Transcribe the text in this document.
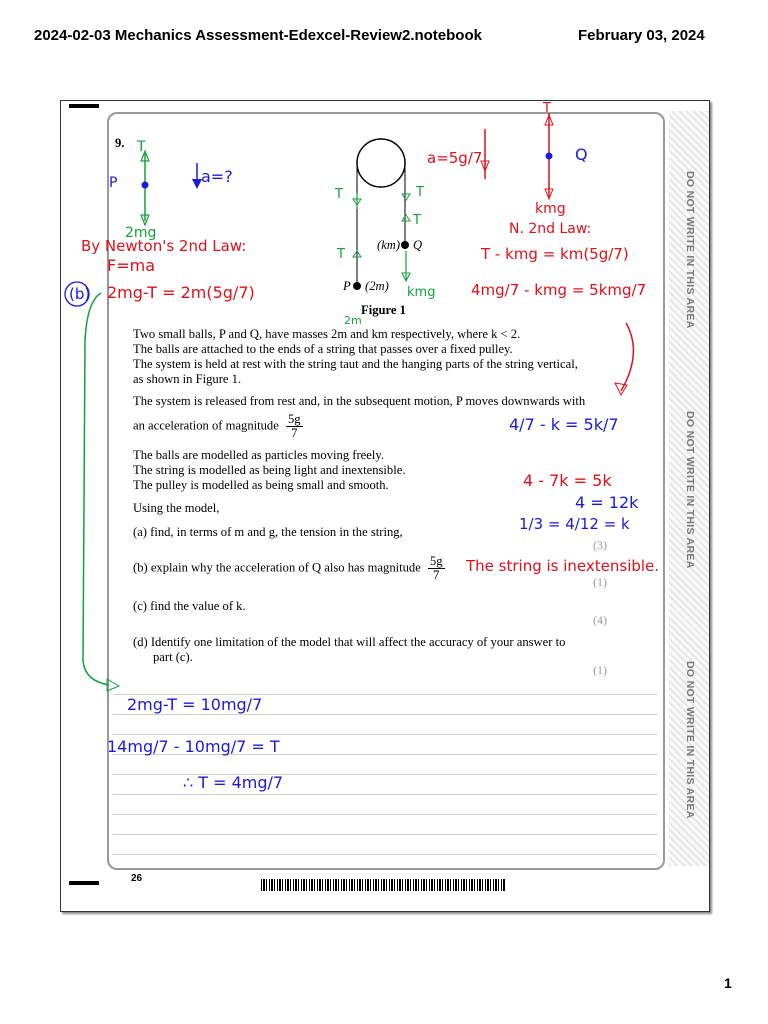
2024-02-03 Mechanics Assessment-Edexcel-Review2.notebook	February 03, 2024
DO NOT WRITE IN THIS AREA
DO NOT WRITE IN THIS AREA
DO NOT WRITE IN THIS AREA
9.
(km) Q
P (2m)
Figure 1
Two small balls, P and Q, have masses 2m and km respectively, where k < 2.
The balls are attached to the ends of a string that passes over a fixed pulley.
The system is held at rest with the string taut and the hanging parts of the string vertical,
as shown in Figure 1.
The system is released from rest and, in the subsequent motion, P moves downwards with
an acceleration of magnitude $\frac{5g}{7}$
The balls are modelled as particles moving freely.
The string is modelled as being light and inextensible.
The pulley is modelled as being small and smooth.
Using the model,
(a) find, in terms of m and g, the tension in the string,
(3)
(b) explain why the acceleration of Q also has magnitude $\frac{5g}{7}$	(1)
(c) find the value of k.
(4)
(d) Identify one limitation of the model that will affect the accuracy of your answer to
part (c).
(1)
26
T
P	a=?
2mg
T	T
T
T
kmg
2m
T
Q
By Newton's 2nd Law:
F=ma
(b) 2mg-T = 2m(5g/7)
a=5g/7
kmg
N. 2nd Law:
T - kmg = km(5g/7)
4mg/7 - kmg = 5kmg/7
4/7 - k = 5k/7
4 - 7k = 5k
4 = 12k
1/3 = 4/12 = k
The string is inextensible.
2mg-T = 10mg/7
14mg/7 - 10mg/7 = T
∴ T = 4mg/7
1
